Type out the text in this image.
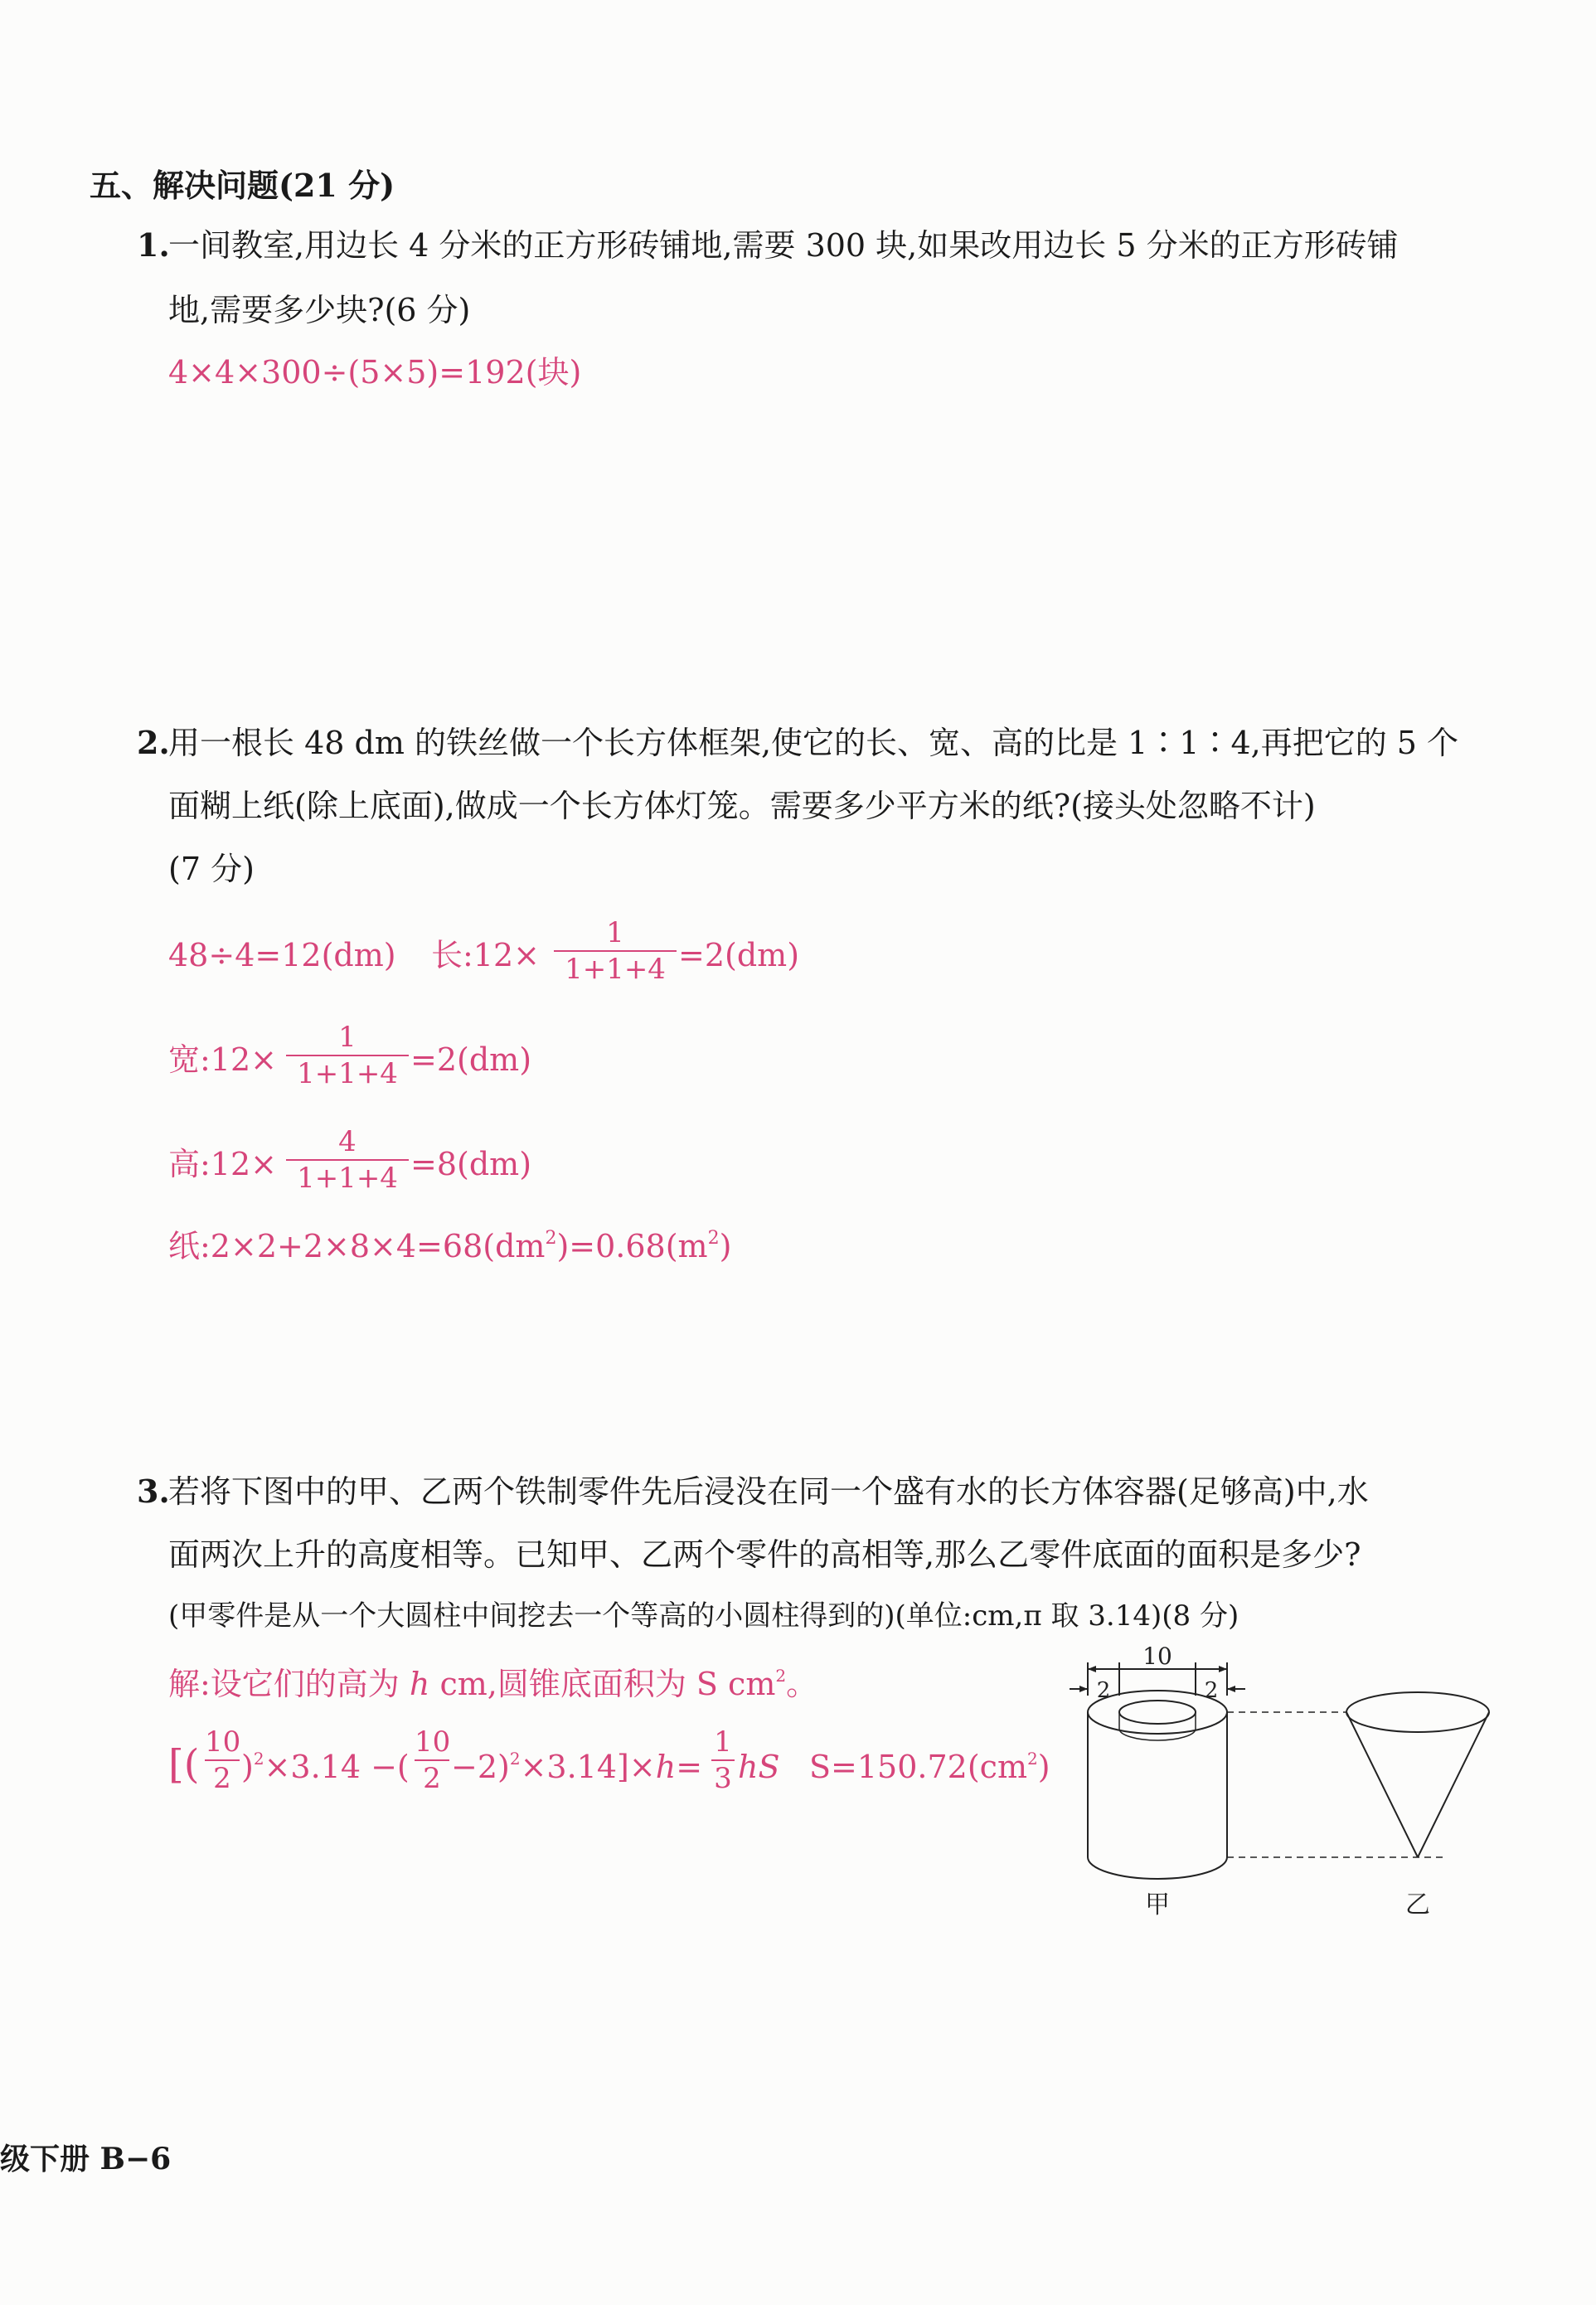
五、解决问题(21 分)
1.
一间教室,用边长 4 分米的正方形砖铺地,需要 300 块,如果改用边长 5 分米的正方形砖铺
地,需要多少块?(6 分)
4×4×300÷(5×5)=192(块)
2.
用一根长 48 dm 的铁丝做一个长方体框架,使它的长、宽、高的比是 1∶1∶4,再把它的 5 个
面糊上纸(除上底面),做成一个长方体灯笼。需要多少平方米的纸?(接头处忽略不计)
(7 分)
48÷4=12(dm) 长:12×
1
1+1+4 =2(dm)
宽:12×
1
1+1+4 =2(dm)
高:12×
4
1+1+4 =8(dm)
纸$:2\times 2+2\times 8\times 4=68(dm^2)=0.68(m^2)$
3.
若将下图中的甲、乙两个铁制零件先后浸没在同一个盛有水的长方体容器(足够高)中,水
面两次上升的高度相等。已知甲、乙两个零件的高相等,那么乙零件底面的面积是多少?
(甲零件是从一个大圆柱中间挖去一个等高的小圆柱得到的)(单位:cm,π 取 3.14)(8 分)
解:设它们的高为 h cm,圆锥底面积为 S $cm^2$。
[( 10
2 )$^2$×3.14 −(
10
2 −2)$^2$×3.14]×h=
1
3 hS $S=150.72(cm^2)$
10
2	2
甲	乙
级下册 B−6
